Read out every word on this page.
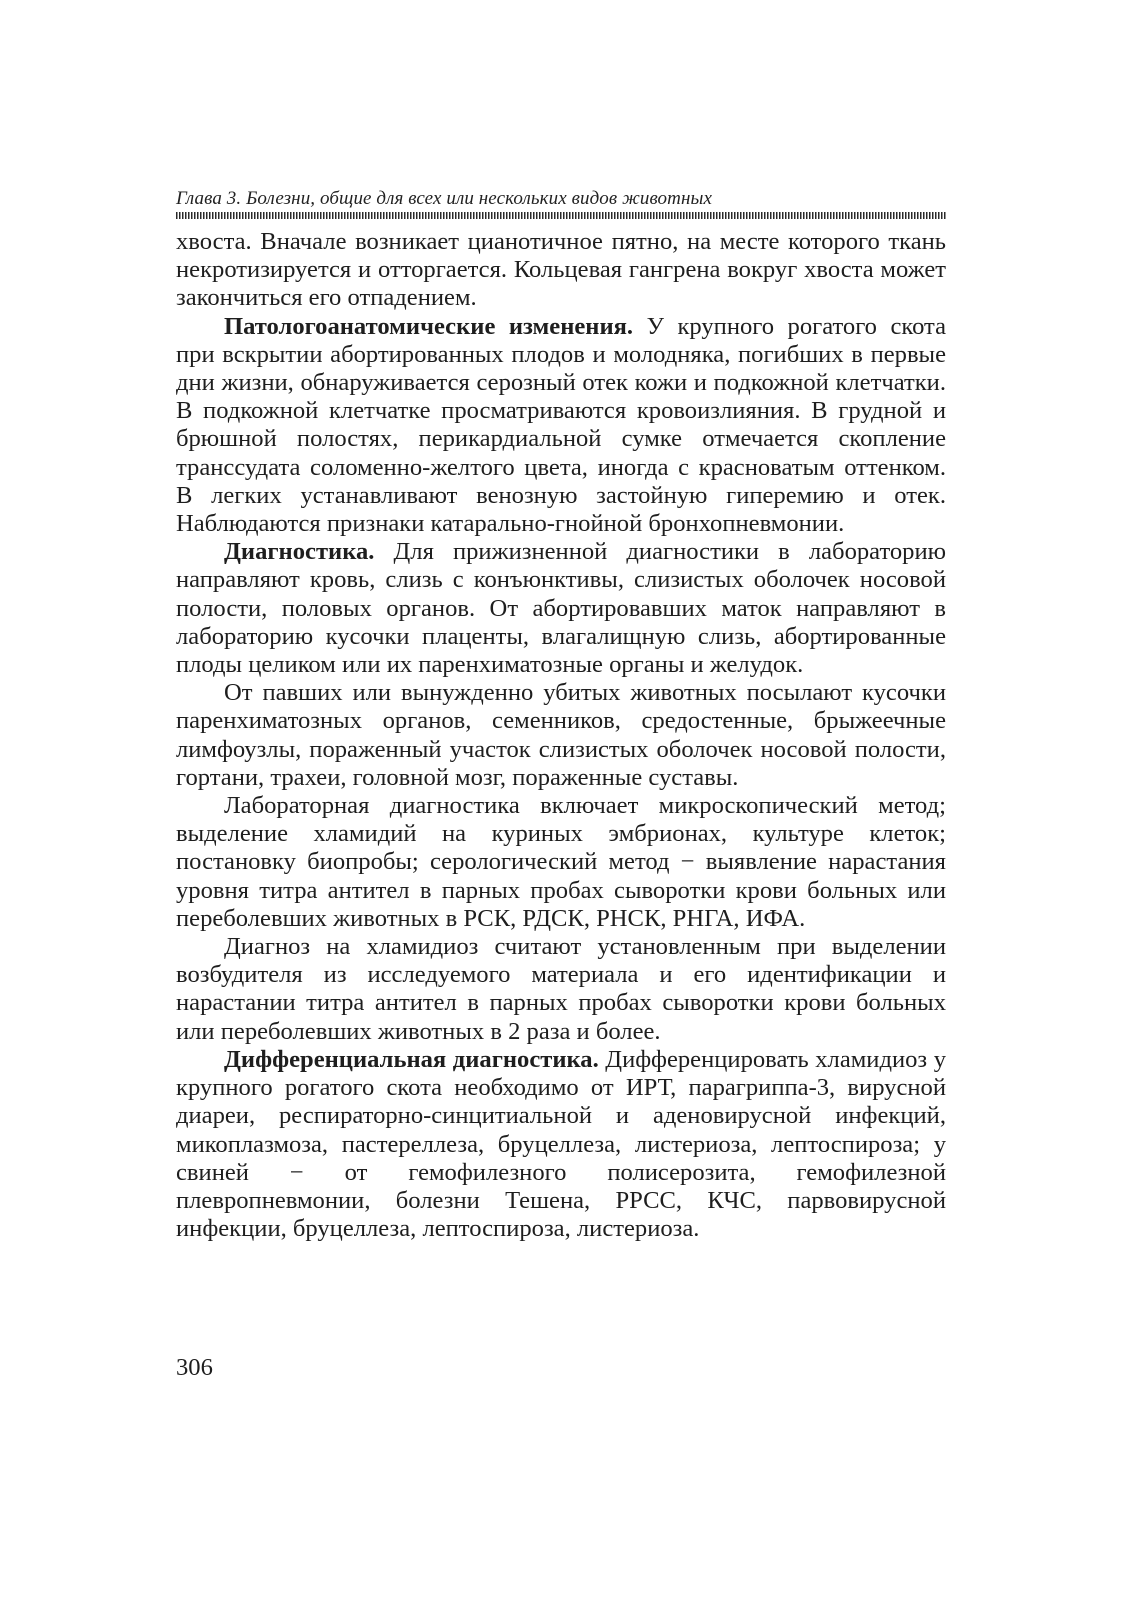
Глава 3. Болезни, общие для всех или нескольких видов животных

хвоста. Вначале возникает цианотичное пятно, на месте которого ткань некротизируется и отторгается. Кольцевая гангрена вокруг хвоста может закончиться его отпадением.

Патологоанатомические изменения. У крупного рогатого скота при вскрытии абортированных плодов и молодняка, погибших в первые дни жизни, обнаруживается серозный отек кожи и подкожной клетчатки. В подкожной клетчатке просматриваются кровоизлияния. В грудной и брюшной полостях, перикардиальной сумке отмечается скопление транссудата соломенно-желтого цвета, иногда с красноватым оттенком. В легких устанавливают венозную застойную гиперемию и отек. Наблюдаются признаки катарально-гнойной бронхопневмонии.

Диагностика. Для прижизненной диагностики в лабораторию направляют кровь, слизь с конъюнктивы, слизистых оболочек носовой полости, половых органов. От абортировавших маток направляют в лабораторию кусочки плаценты, влагалищную слизь, абортированные плоды целиком или их паренхиматозные органы и желудок.

От павших или вынужденно убитых животных посылают кусочки паренхиматозных органов, семенников, средостенные, брыжеечные лимфоузлы, пораженный участок слизистых оболочек носовой полости, гортани, трахеи, головной мозг, пораженные суставы.

Лабораторная диагностика включает микроскопический метод; выделение хламидий на куриных эмбрионах, культуре клеток; постановку биопробы; серологический метод − выявление нарастания уровня титра антител в парных пробах сыворотки крови больных или переболевших животных в РСК, РДСК, РНСК, РНГА, ИФА.

Диагноз на хламидиоз считают установленным при выделении возбудителя из исследуемого материала и его идентификации и нарастании титра антител в парных пробах сыворотки крови больных или переболевших животных в 2 раза и более.

Дифференциальная диагностика. Дифференцировать хламидиоз у крупного рогатого скота необходимо от ИРТ, парагриппа-3, вирусной диареи, респираторно-синцитиальной и аденовирусной инфекций, микоплазмоза, пастереллеза, бруцеллеза, листериоза, лептоспироза; у свиней − от гемофилезного полисерозита, гемофилезной плевропневмонии, болезни Тешена, РРСС, КЧС, парвовирусной инфекции, бруцеллеза, лептоспироза, листериоза.

306
